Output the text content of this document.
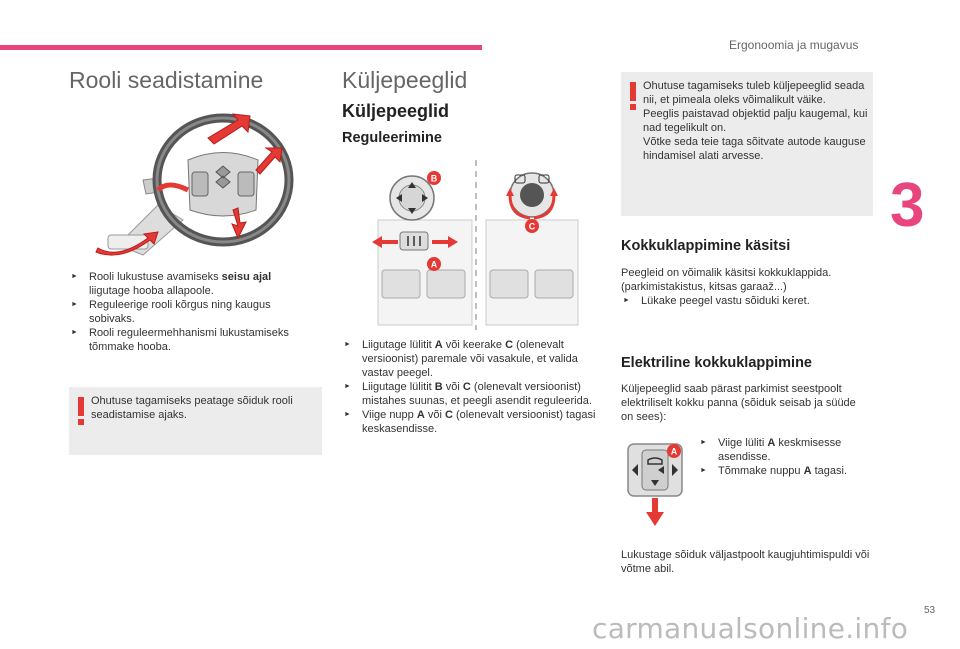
Ergonoomia ja mugavus
3
Rooli seadistamine
► Rooli lukustuse avamiseks seisu ajal liigutage hooba allapoole.
► Reguleerige rooli kõrgus ning kaugus sobivaks.
► Rooli reguleermehhanismi lukustamiseks tõmmake hooba.
Ohutuse tagamiseks peatage sõiduk rooli seadistamise ajaks.
Küljepeeglid
Küljepeeglid
Reguleerimine
B
A
C
► Liigutage lülitit A või keerake C (olenevalt versioonist) paremale või vasakule, et valida vastav peegel.
► Liigutage lülitit B või C (olenevalt versioonist) mistahes suunas, et peegli asendit reguleerida.
► Viige nupp A või C (olenevalt versioonist) tagasi keskasendisse.
Ohutuse tagamiseks tuleb küljepeeglid seada nii, et pimeala oleks võimalikult väike.
Peeglis paistavad objektid palju kaugemal, kui nad tegelikult on.
Võtke seda teie taga sõitvate autode kauguse hindamisel alati arvesse.
Kokkuklappimine käsitsi
Peegleid on võimalik käsitsi kokkuklappida. (parkimistakistus, kitsas garaaž...)
► Lükake peegel vastu sõiduki keret.
Elektriline kokkuklappimine
Küljepeeglid saab pärast parkimist seestpoolt elektriliselt kokku panna (sõiduk seisab ja süüde on sees):
A
► Viige lüliti A keskmisesse asendisse.
► Tõmmake nuppu A tagasi.
Lukustage sõiduk väljastpoolt kaugjuhtimispuldi või võtme abil.
53
carmanualsonline.info
